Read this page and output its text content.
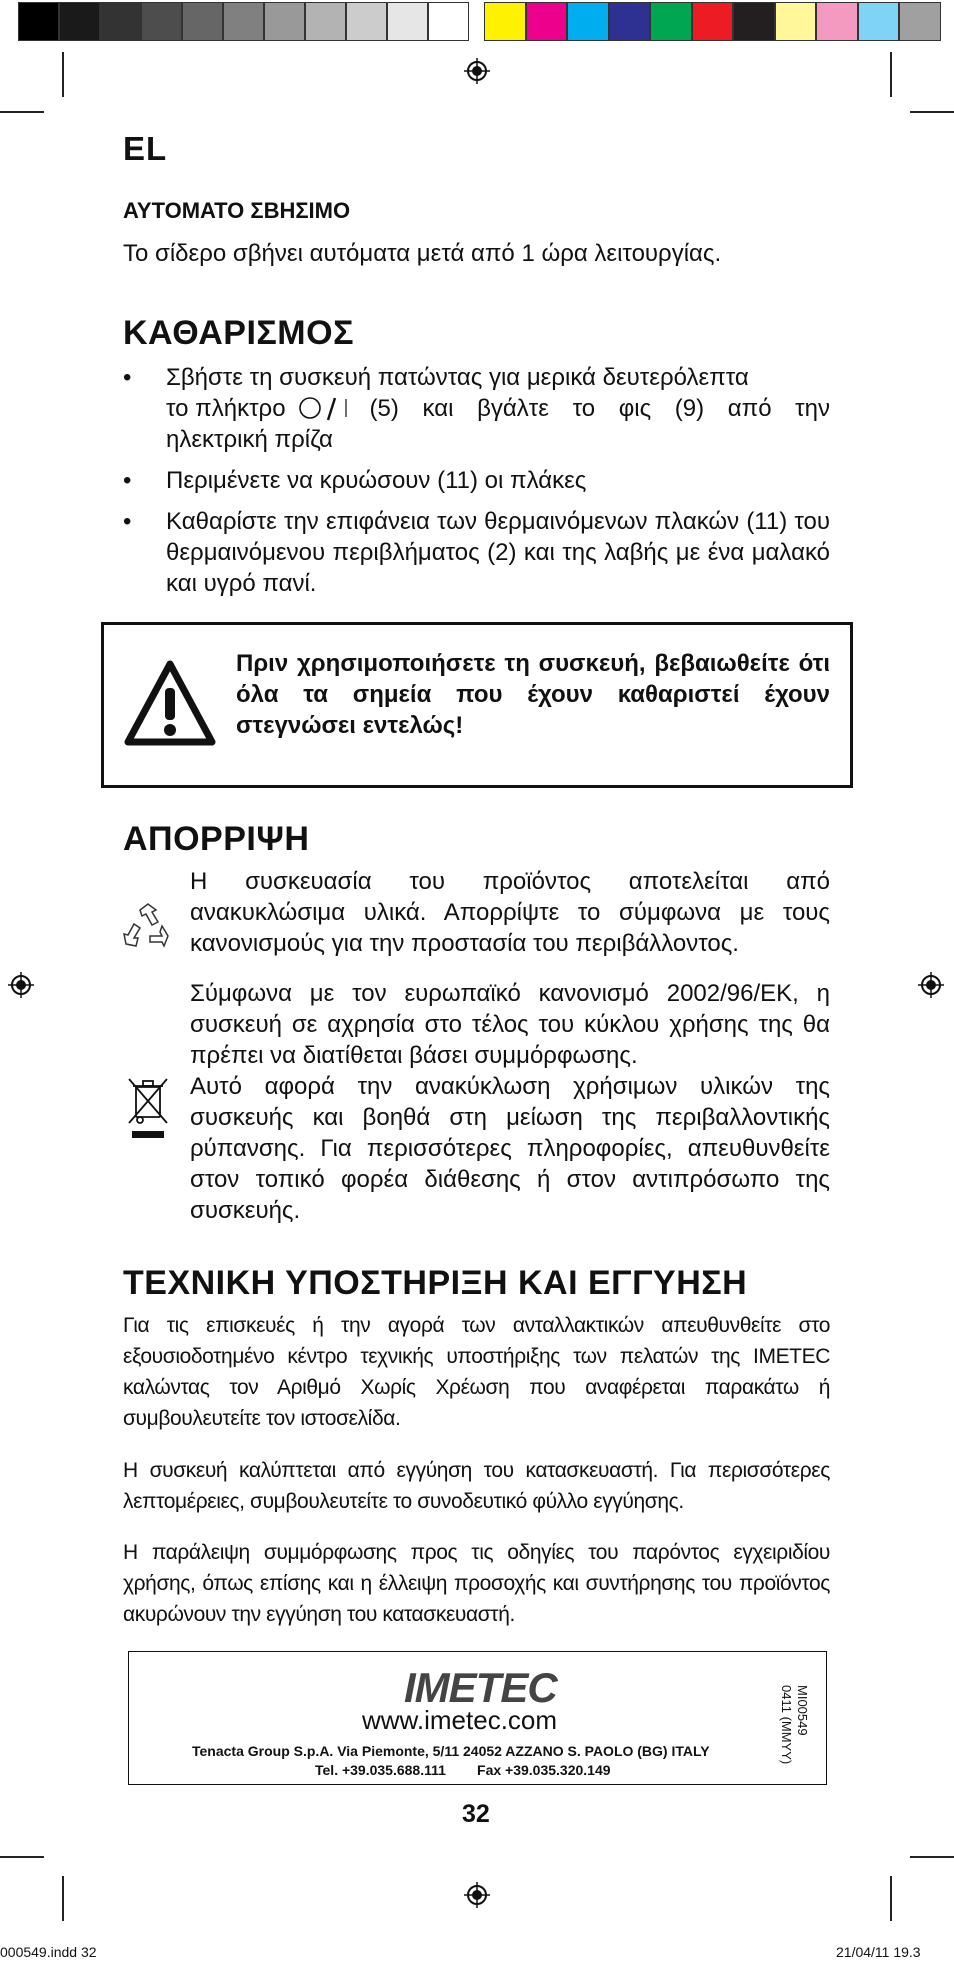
EL
ΑΥΤΟΜΑΤΟ ΣΒΗΣΙΜΟ

Το σίδερο σβήνει αυτόματα μετά από 1 ώρα λειτουργίας.

ΚΑΘΑΡΙΣΜΟΣ
• Σβήστε τη συσκευή πατώντας για μερικά δευτερόλεπτα

το πλήκτρο	(5) και βγάλτε το φις (9) από την

ηλεκτρική πρίζα

• Περιμένετε να κρυώσουν (11) οι πλάκες

• Καθαρίστε την επιφάνεια των θερμαινόμενων πλακών (11) του θερμαινόμενου περιβλήματος (2) και της λαβής με ένα μαλακό και υγρό πανί.

Πριν χρησιμοποιήσετε τη συσκευή, βεβαιωθείτε ότι όλα τα σημεία που έχουν καθαριστεί έχουν στεγνώσει εντελώς!

ΑΠΟΡΡΙΨΗ

Η συσκευασία του προϊόντος αποτελείται από ανακυκλώσιμα υλικά. Απορρίψτε το σύμφωνα με τους κανονισμούς για την προστασία του περιβάλλοντος.

Σύμφωνα με τον ευρωπαϊκό κανονισμό 2002/96/ΕΚ, η συσκευή σε αχρησία στο τέλος του κύκλου χρήσης της θα πρέπει να διατίθεται βάσει συμμόρφωσης.

Αυτό αφορά την ανακύκλωση χρήσιμων υλικών της συσκευής και βοηθά στη μείωση της περιβαλλοντικής ρύπανσης. Για περισσότερες πληροφορίες, απευθυνθείτε στον τοπικό φορέα διάθεσης ή στον αντιπρόσωπο της συσκευής.

ΤΕΧΝΙΚΗ ΥΠΟΣΤΗΡΙΞΗ ΚΑΙ ΕΓΓΥΗΣΗ

Για τις επισκευές ή την αγορά των ανταλλακτικών απευθυνθείτε στο εξουσιοδοτημένο κέντρο τεχνικής υποστήριξης των πελατών της IMETEC καλώντας τον Αριθμό Χωρίς Χρέωση που αναφέρεται παρακάτω ή συμβουλευτείτε τον ιστοσελίδα.

Η συσκευή καλύπτεται από εγγύηση του κατασκευαστή. Για περισσότερες λεπτομέρειες, συμβουλευτείτε το συνοδευτικό φύλλο εγγύησης.

Η παράλειψη συμμόρφωσης προς τις οδηγίες του παρόντος εγχειριδίου χρήσης, όπως επίσης και η έλλειψη προσοχής και συντήρησης του προϊόντος ακυρώνουν την εγγύηση του κατασκευαστή.

IMETEC
www.imetec.com
Tenacta Group S.p.A. Via Piemonte, 5/11 24052 AZZANO S. PAOLO (BG) ITALY
Tel. +39.035.688.111        Fax +39.035.320.149
MI00549
0411 (MMYY)
32
000549.indd 32	21/04/11 19.3
